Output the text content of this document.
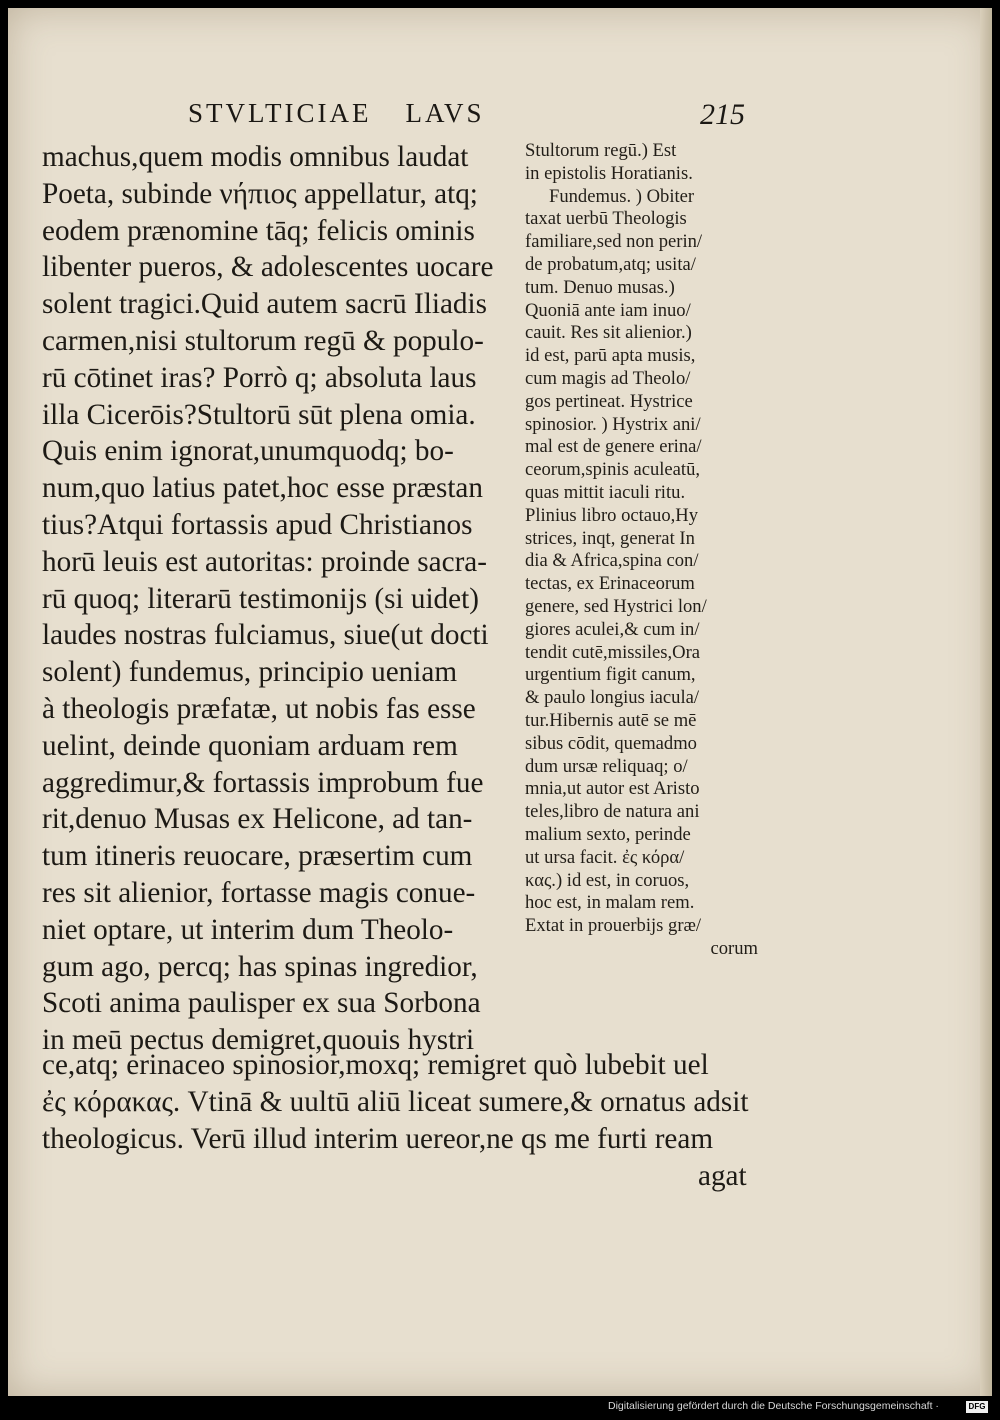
STVLTICIAE LAVS	215
machus,quem modis omnibus laudat
Poeta, subinde νήπιος appellatur, atq;
eodem prænomine tāq; felicis ominis
libenter pueros, & adolescentes uocare
solent tragici.Quid autem sacrū Iliadis
carmen,nisi stultorum regū & populo-
rū cōtinet iras? Porrò q; absoluta laus
illa Cicerōis?Stultorū sūt plena omia.
Quis enim ignorat,unumquodq; bo-
num,quo latius patet,hoc esse præstan
tius?Atqui fortassis apud Christianos
horū leuis est autoritas: proinde sacra-
rū quoq; literarū testimonijs (si uidet)
laudes nostras fulciamus, siue(ut docti
solent) fundemus, principio ueniam
à theologis præfatæ, ut nobis fas esse
uelint, deinde quoniam arduam rem
aggredimur,& fortassis improbum fue
rit,denuo Musas ex Helicone, ad tan-
tum itineris reuocare, præsertim cum
res sit alienior, fortasse magis conue-
niet optare, ut interim dum Theolo-
gum ago, percq; has spinas ingredior,
Scoti anima paulisper ex sua Sorbona
in meū pectus demigret,quouis hystri
Stultorum regū.) Est
in epistolis Horatianis.
Fundemus. ) Obiter
taxat uerbū Theologis
familiare,sed non perin/
de probatum,atq; usita/
tum. Denuo musas.)
Quoniā ante iam inuo/
cauit. Res sit alienior.)
id est, parū apta musis,
cum magis ad Theolo/
gos pertineat. Hystrice
spinosior. ) Hystrix ani/
mal est de genere erina/
ceorum,spinis aculeatū,
quas mittit iaculi ritu.
Plinius libro octauo,Hy
strices, inqt, generat In
dia & Africa,spina con/
tectas, ex Erinaceorum
genere, sed Hystrici lon/
giores aculei,& cum in/
tendit cutē,missiles,Ora
urgentium figit canum,
& paulo longius iacula/
tur.Hibernis autē se mē
sibus cōdit, quemadmo
dum ursæ reliquaq; o/
mnia,ut autor est Aristo
teles,libro de natura ani
malium sexto, perinde
ut ursa facit. ἐς κόρα/
κας.) id est, in coruos,
hoc est, in malam rem.
Extat in prouerbijs græ/
corum
ce,atq; erinaceo spinosior,moxq; remigret quò lubebit uel
ἐς κόρακας. Vtinā & uultū aliū liceat sumere,& ornatus adsit
theologicus. Verū illud interim uereor,ne qs me furti ream
agat
Digitalisierung gefördert durch die Deutsche Forschungsgemeinschaft ·	DFG
